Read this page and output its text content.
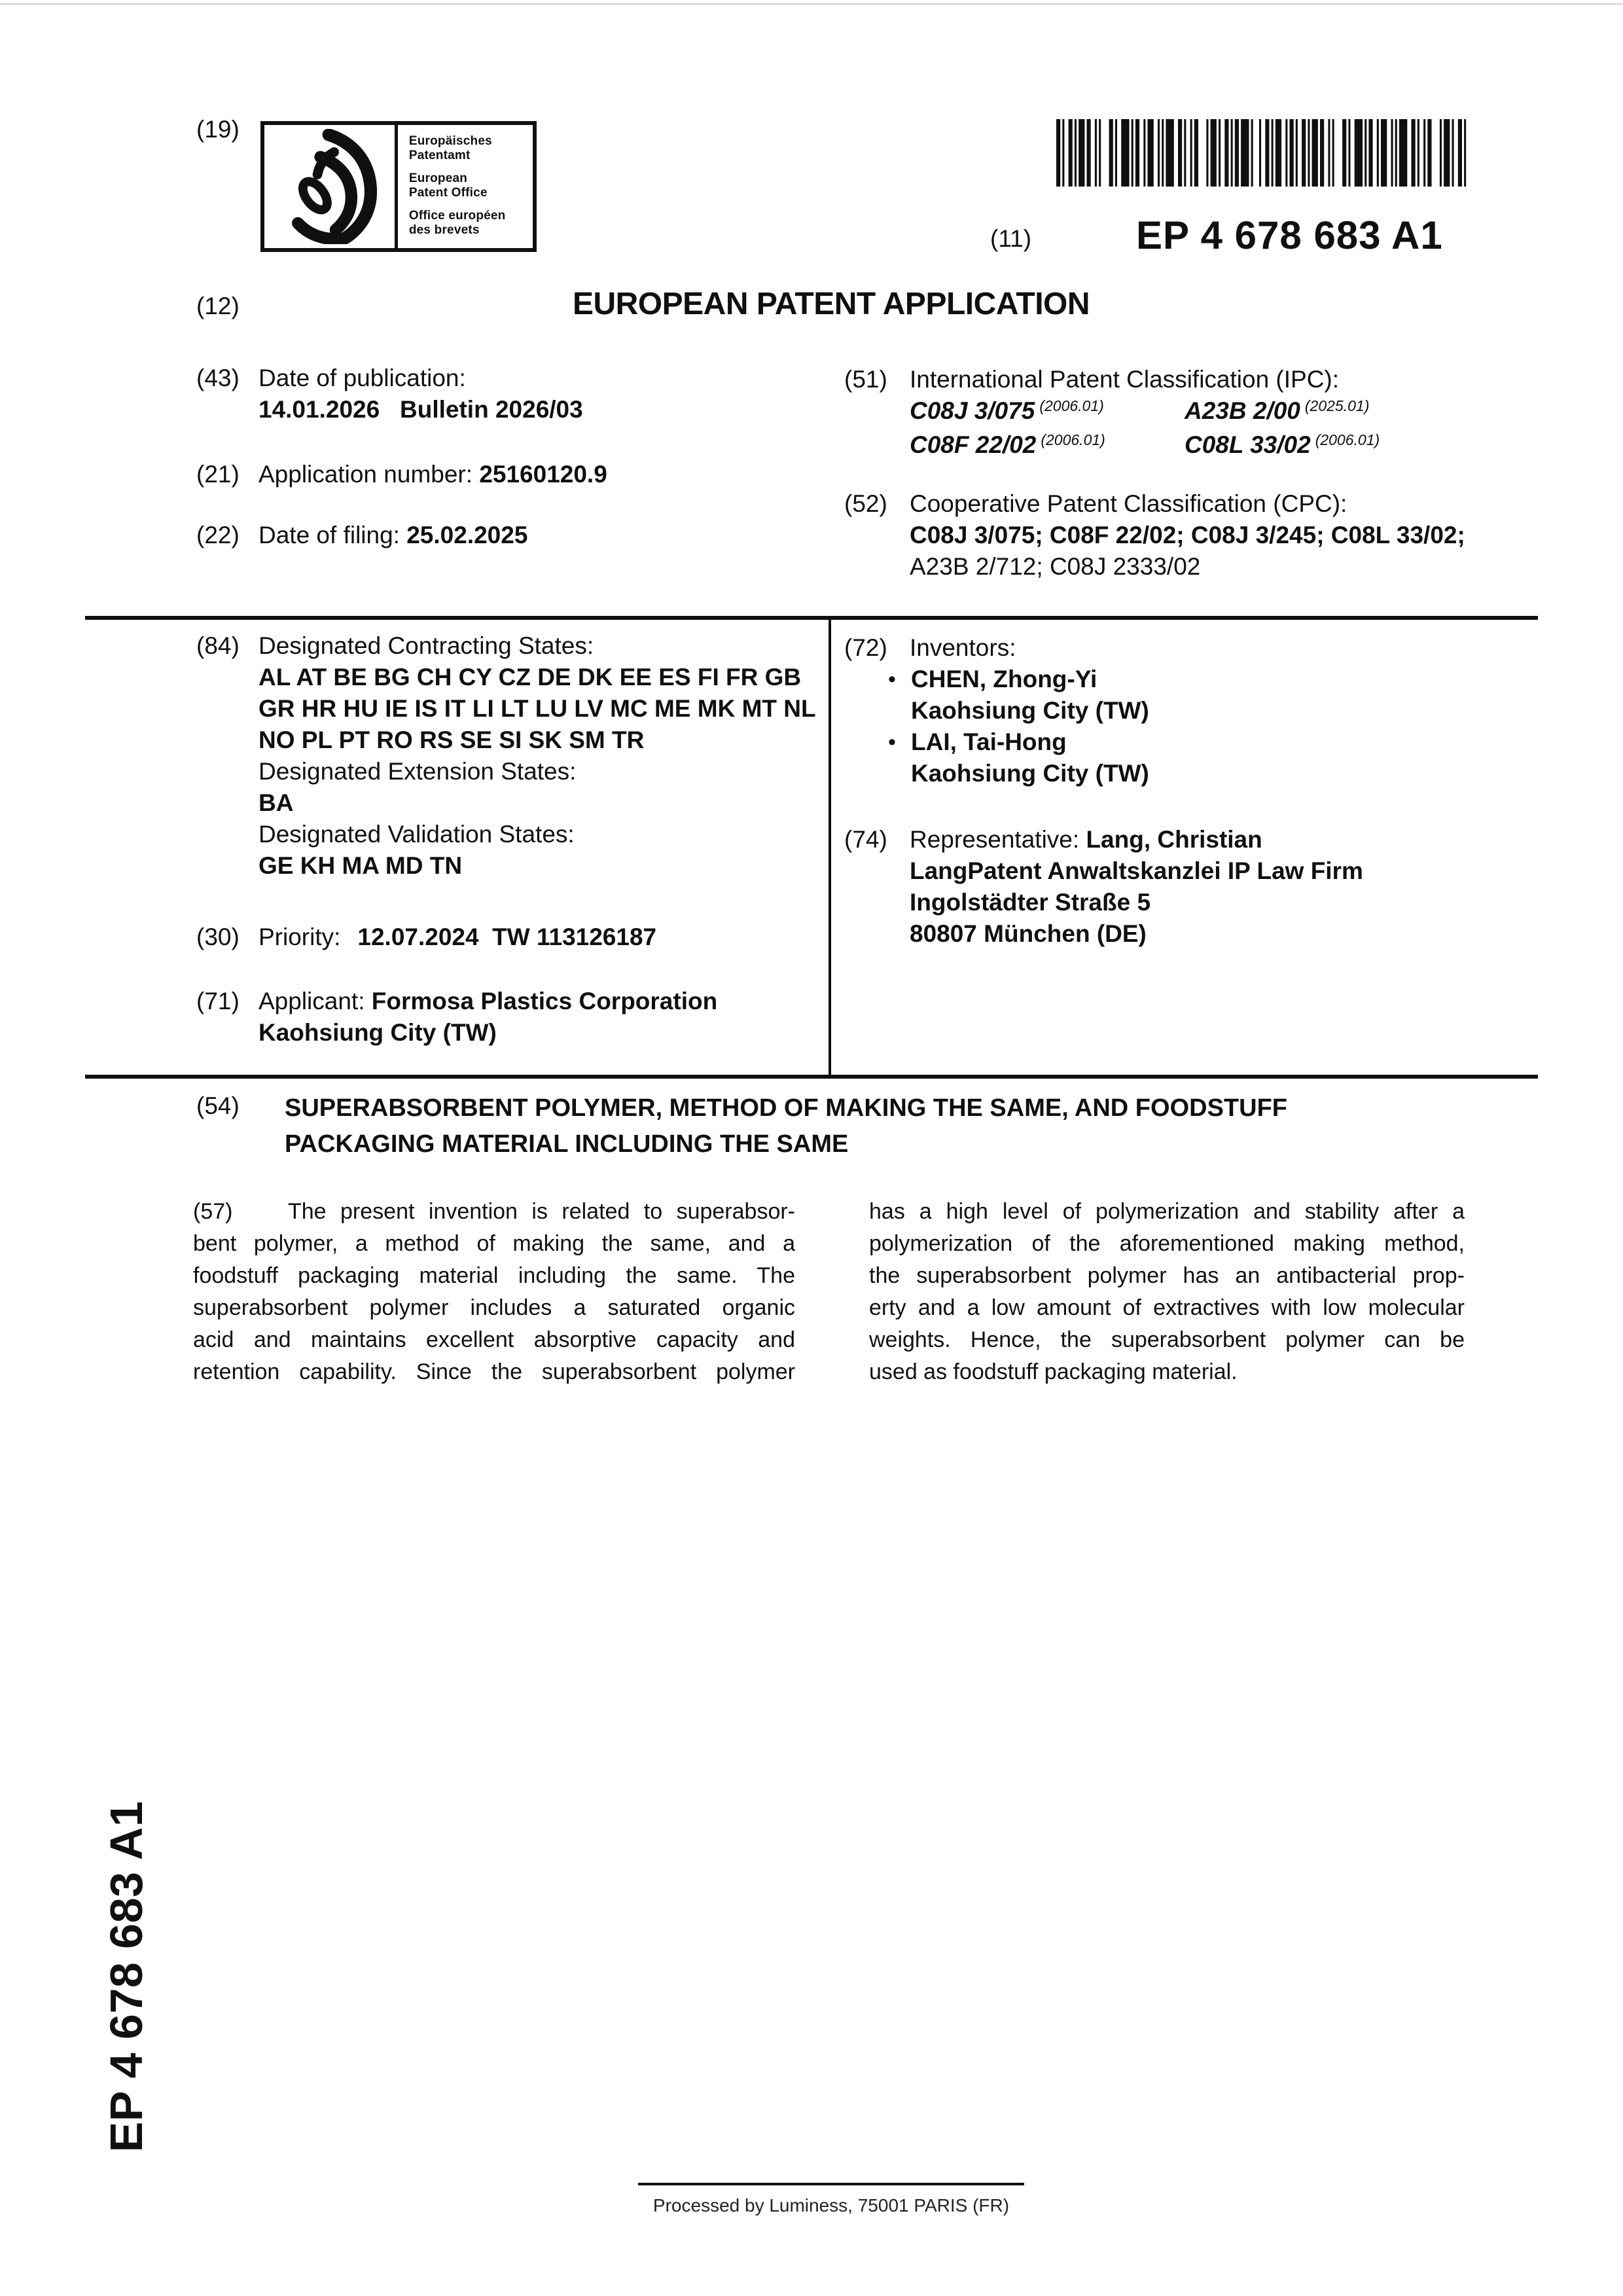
(19)	Europäisches
Patentamt
European
Patent Office
Office européen
des brevets	(11)	EP 4 678 683 A1
(12)	EUROPEAN PATENT APPLICATION
(43) Date of publication:
14.01.2026   Bulletin 2026/03
(21) Application number: 25160120.9
(22) Date of filing: 25.02.2025
(51) International Patent Classification (IPC):
C08J 3/075 $^{(2006.01)}$	A23B 2/00 $^{(2025.01)}$
C08F 22/02 $^{(2006.01)}$	C08L 33/02 $^{(2006.01)}$
(52) Cooperative Patent Classification (CPC):
C08J 3/075; C08F 22/02; C08J 3/245; C08L 33/02;
A23B 2/712; C08J 2333/02
(84) Designated Contracting States:
AL AT BE BG CH CY CZ DE DK EE ES FI FR GB
GR HR HU IE IS IT LI LT LU LV MC ME MK MT NL
NO PL PT RO RS SE SI SK SM TR
Designated Extension States:
BA
Designated Validation States:
GE KH MA MD TN
(30) Priority: 12.07.2024  TW 113126187
(71) Applicant: Formosa Plastics Corporation
Kaohsiung City (TW)
(72) Inventors:
• CHEN, Zhong-Yi
Kaohsiung City (TW)
• LAI, Tai-Hong
Kaohsiung City (TW)
(74) Representative: Lang, Christian
LangPatent Anwaltskanzlei IP Law Firm
Ingolstädter Straße 5
80807 München (DE)
(54)	SUPERABSORBENT POLYMER, METHOD OF MAKING THE SAME, AND FOODSTUFF
PACKAGING MATERIAL INCLUDING THE SAME
(57)	The present invention is related to superabsor-
bent polymer, a method of making the same, and a
foodstuff packaging material including the same. The
superabsorbent polymer includes a saturated organic
acid and maintains excellent absorptive capacity and
retention capability. Since the superabsorbent polymer
has a high level of polymerization and stability after a
polymerization of the aforementioned making method,
the superabsorbent polymer has an antibacterial prop-
erty and a low amount of extractives with low molecular
weights. Hence, the superabsorbent polymer can be
used as foodstuff packaging material.
EP 4 678 683 A1
Processed by Luminess, 75001 PARIS (FR)
